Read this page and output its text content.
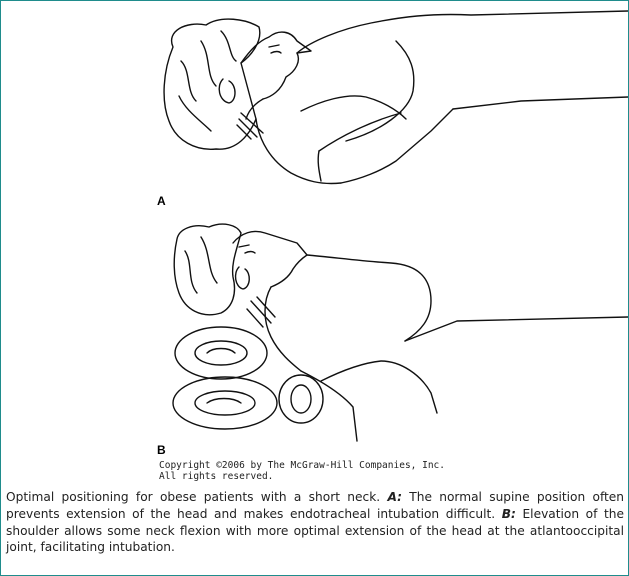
A
B
Copyright ©2006 by The McGraw-Hill Companies, Inc.
All rights reserved.
Optimal positioning for obese patients with a short neck. A: The normal supine position often prevents extension of the head and makes endotracheal intubation difficult. B: Elevation of the shoulder allows some neck flexion with more optimal extension of the head at the atlantooccipital joint, facilitating intubation.
